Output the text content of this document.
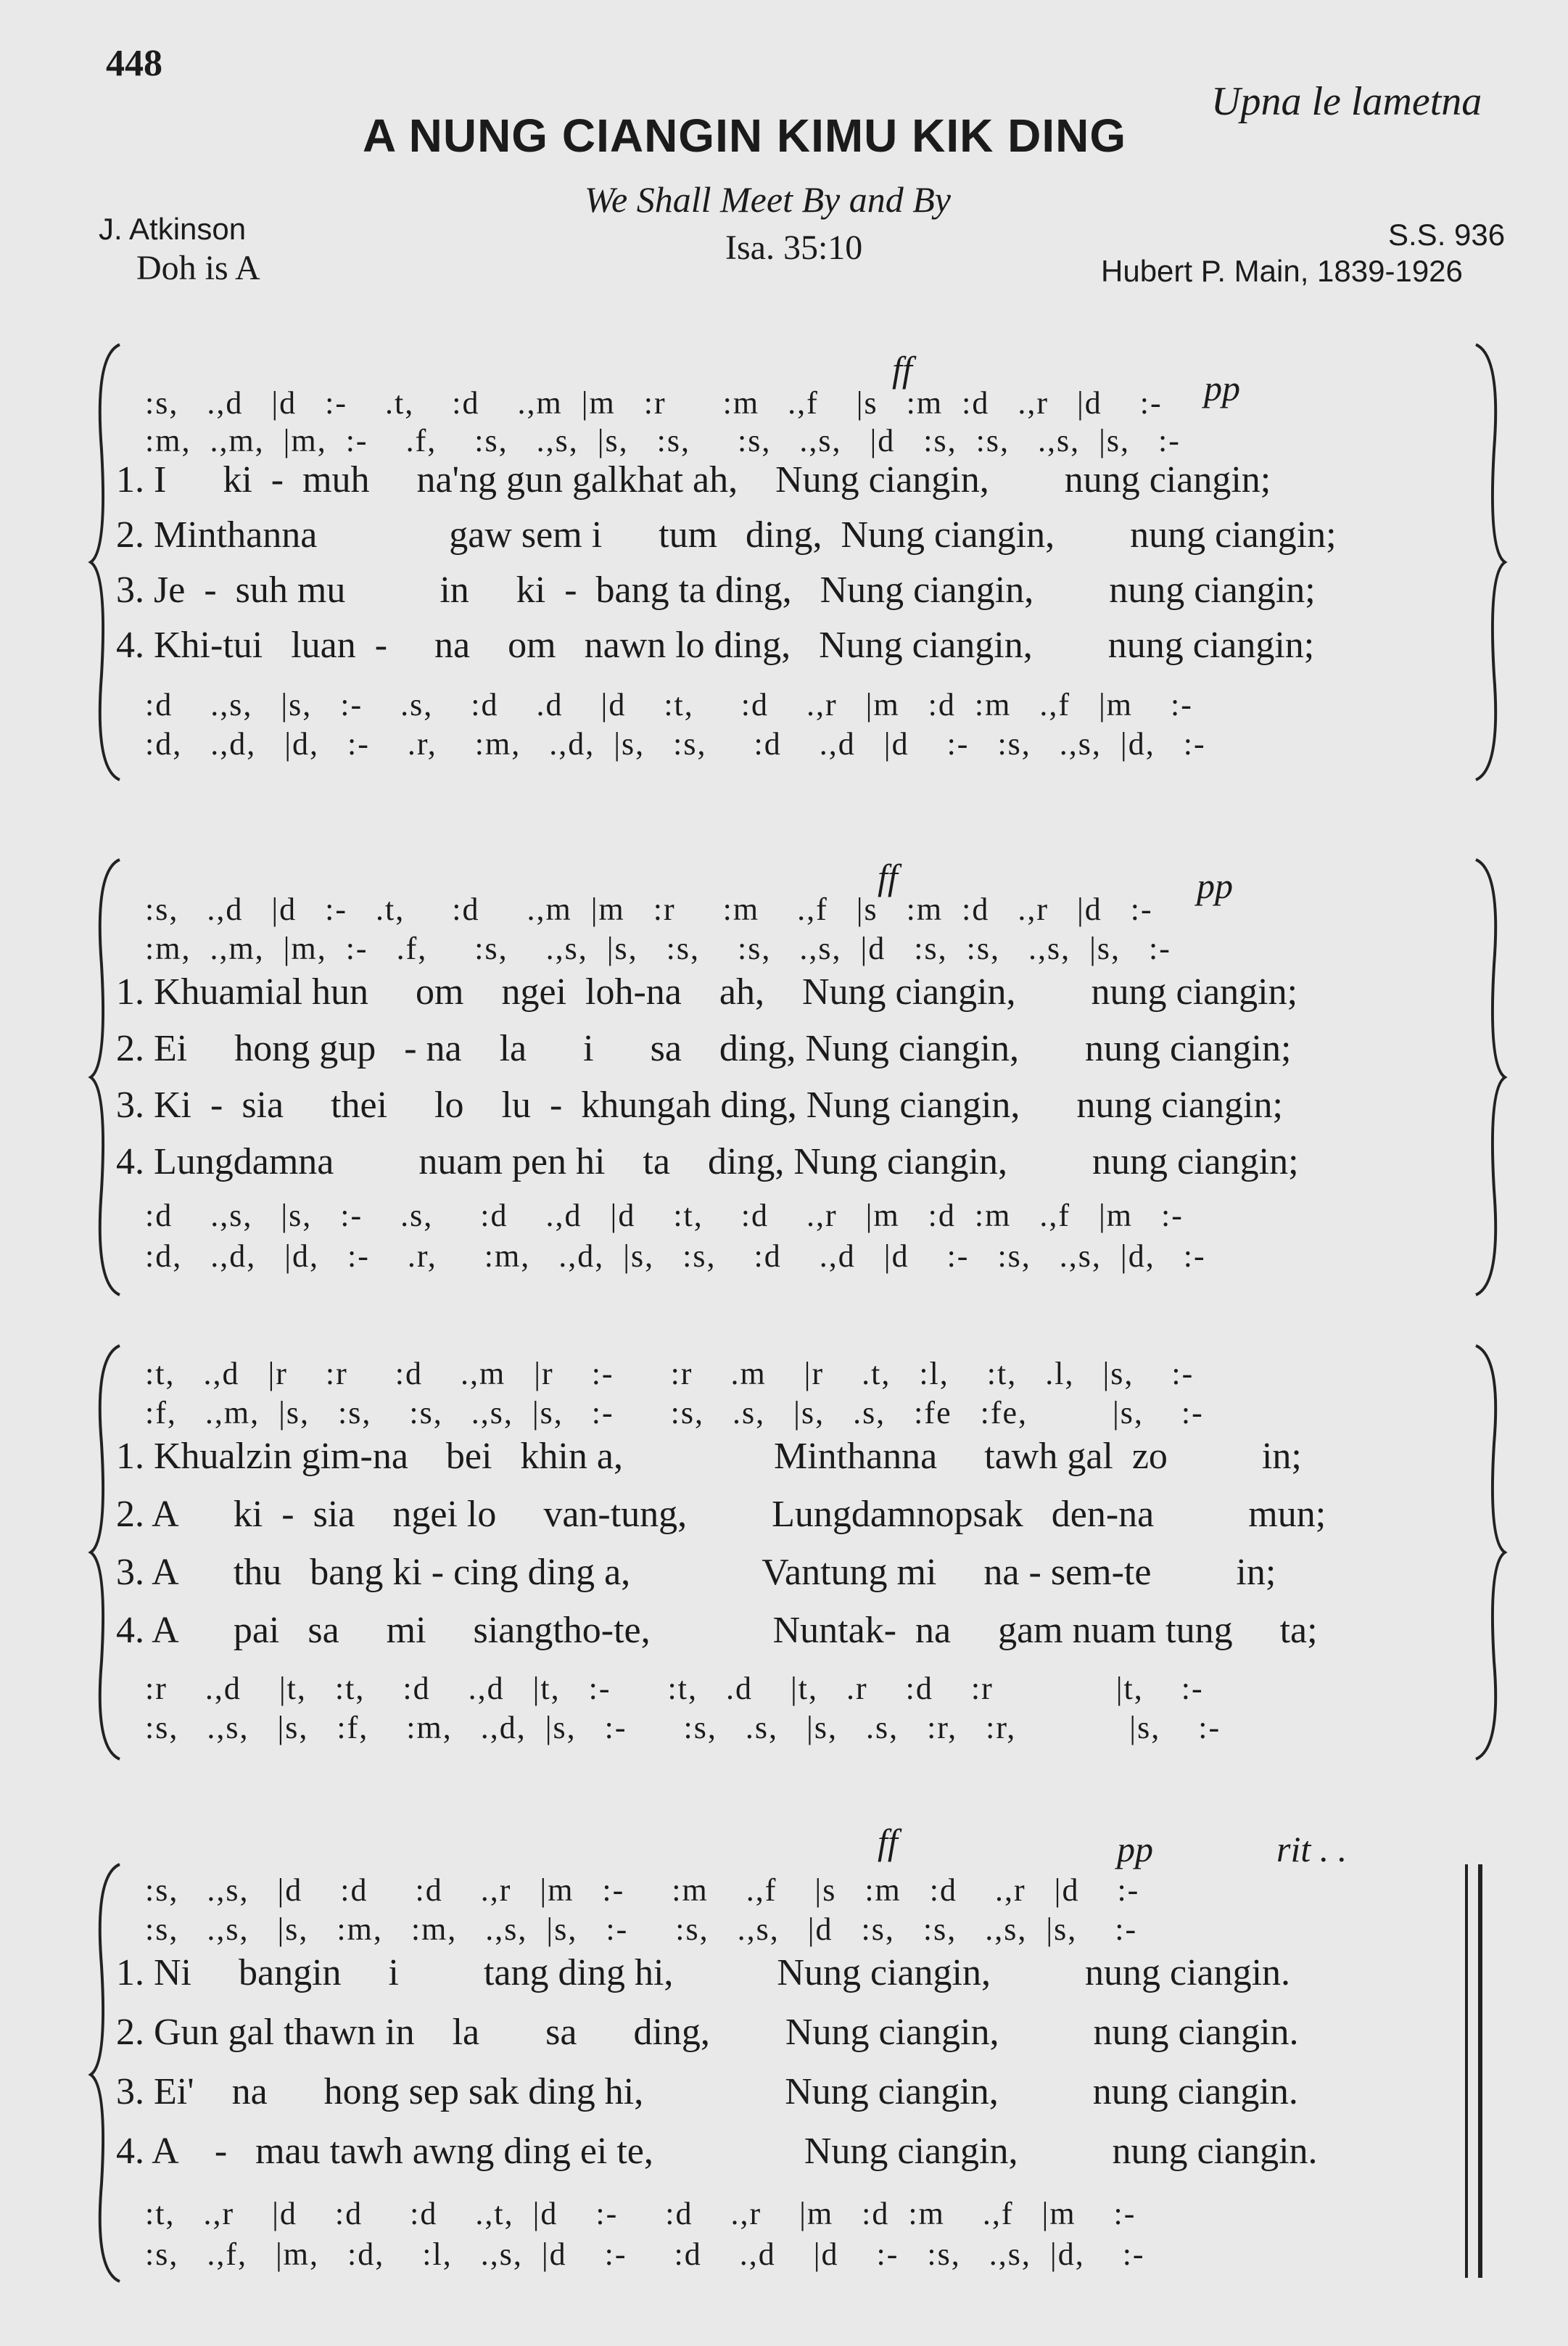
448
Upna le lametna
A NUNG CIANGIN KIMU KIK DING
We Shall Meet By and By
J. Atkinson
Doh is A
Isa. 35:10	S.S. 936
Hubert P. Main, 1839-1926
ff	pp
:s,   .,d   |d   :-    .t,    :d    .,m  |m   :r      :m   .,f    |s   :m  :d   .,r   |d    :-
:m,  .,m,  |m,  :-    .f,    :s,   .,s,  |s,   :s,     :s,   .,s,   |d   :s,  :s,   .,s,  |s,   :-
1. I      ki  -  muh     na'ng gun galkhat ah,    Nung ciangin,        nung ciangin;
2. Minthanna              gaw sem i      tum   ding,  Nung ciangin,        nung ciangin;
3. Je  -  suh mu          in     ki  -  bang ta ding,   Nung ciangin,        nung ciangin;
4. Khi-tui   luan  -     na    om   nawn lo ding,   Nung ciangin,        nung ciangin;
:d    .,s,   |s,   :-    .s,    :d    .d    |d    :t,     :d    .,r   |m   :d  :m   .,f   |m    :-
:d,   .,d,   |d,   :-    .r,    :m,   .,d,  |s,   :s,     :d    .,d   |d    :-   :s,   .,s,  |d,   :-
ff	pp
:s,   .,d   |d   :-   .t,     :d     .,m  |m   :r     :m    .,f   |s   :m  :d   .,r   |d   :-
:m,  .,m,  |m,  :-   .f,     :s,    .,s,  |s,   :s,    :s,   .,s,  |d   :s,  :s,   .,s,  |s,   :-
1. Khuamial hun     om    ngei  loh-na    ah,    Nung ciangin,        nung ciangin;
2. Ei     hong gup   - na    la      i      sa    ding, Nung ciangin,       nung ciangin;
3. Ki  -  sia     thei     lo    lu  -  khungah ding, Nung ciangin,      nung ciangin;
4. Lungdamna         nuam pen hi    ta    ding, Nung ciangin,         nung ciangin;
:d    .,s,   |s,   :-    .s,     :d    .,d   |d    :t,    :d    .,r   |m   :d  :m   .,f   |m   :-
:d,   .,d,   |d,   :-    .r,     :m,   .,d,  |s,   :s,    :d    .,d   |d    :-   :s,   .,s,  |d,   :-
:t,   .,d   |r    :r     :d    .,m   |r    :-      :r    .m    |r    .t,   :l,    :t,   .l,   |s,    :-
:f,   .,m,  |s,   :s,    :s,   .,s,  |s,   :-      :s,   .s,   |s,   .s,   :fe   :fe,         |s,    :-
1. Khualzin gim-na    bei   khin a,                Minthanna     tawh gal  zo          in;
2. A      ki  -  sia    ngei lo     van-tung,         Lungdamnopsak   den-na          mun;
3. A      thu   bang ki - cing ding a,              Vantung mi     na - sem-te         in;
4. A      pai   sa     mi     siangtho-te,             Nuntak-  na     gam nuam tung     ta;
:r    .,d    |t,   :t,    :d    .,d   |t,   :-      :t,   .d    |t,   .r    :d    :r             |t,    :-
:s,   .,s,   |s,   :f,    :m,   .,d,  |s,   :-      :s,   .s,   |s,   .s,   :r,   :r,            |s,    :-
ff	pp	rit . .
:s,   .,s,   |d    :d     :d    .,r   |m   :-     :m    .,f    |s   :m   :d    .,r   |d    :-
:s,   .,s,   |s,   :m,   :m,   .,s,  |s,   :-     :s,   .,s,   |d   :s,   :s,   .,s,  |s,    :-
1. Ni     bangin     i         tang ding hi,           Nung ciangin,          nung ciangin.
2. Gun gal thawn in    la       sa      ding,        Nung ciangin,          nung ciangin.
3. Ei'    na      hong sep sak ding hi,               Nung ciangin,          nung ciangin.
4. A    -   mau tawh awng ding ei te,                Nung ciangin,          nung ciangin.
:t,   .,r    |d    :d     :d    .,t,  |d    :-     :d    .,r    |m   :d  :m    .,f   |m    :-
:s,   .,f,   |m,   :d,    :l,   .,s,  |d    :-     :d    .,d    |d    :-   :s,   .,s,  |d,    :-
